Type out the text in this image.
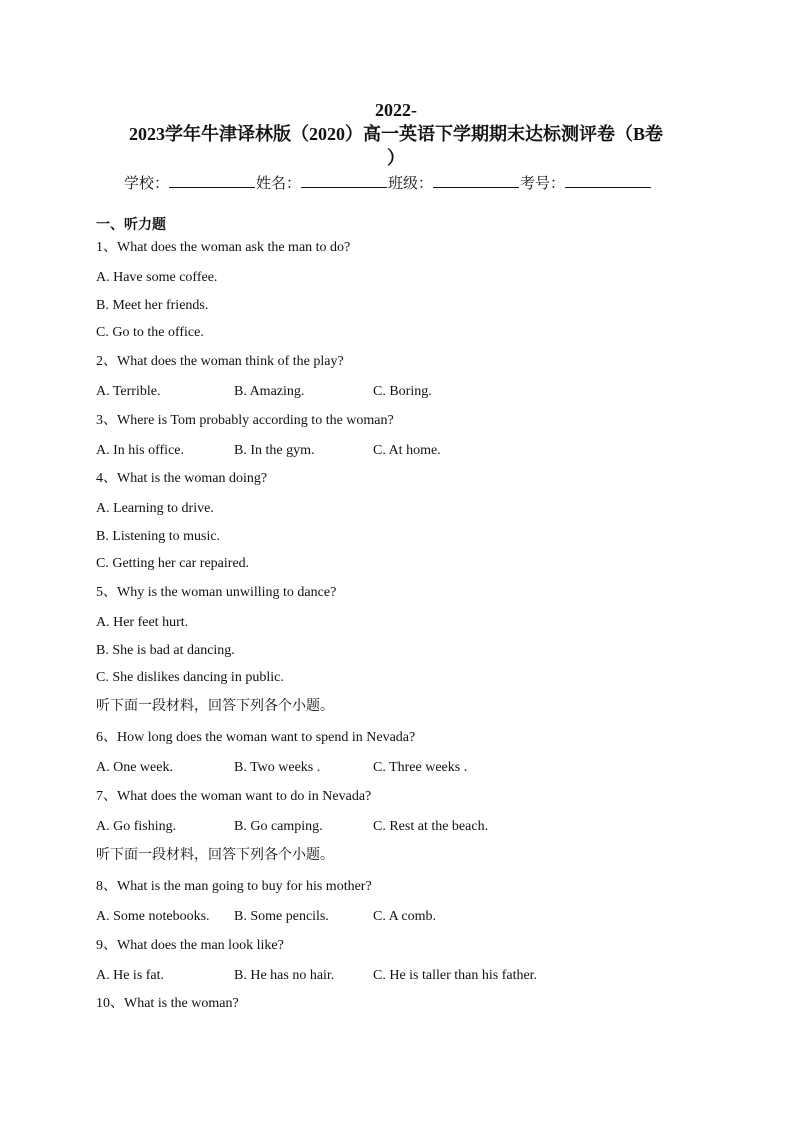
2022-
2023学年牛津译林版（2020）高一英语下学期期末达标测评卷（B卷
）
学校：	姓名：	班级：	考号：
一、听力题
1、What does the woman ask the man to do?
A. Have some coffee.
B. Meet her friends.
C. Go to the office.
2、What does the woman think of the play?
A. Terrible.	B. Amazing.	C. Boring.
3、Where is Tom probably according to the woman?
A. In his office.	B. In the gym.	C. At home.
4、What is the woman doing?
A. Learning to drive.
B. Listening to music.
C. Getting her car repaired.
5、Why is the woman unwilling to dance?
A. Her feet hurt.
B. She is bad at dancing.
C. She dislikes dancing in public.
听下面一段材料，回答下列各个小题。
6、How long does the woman want to spend in Nevada?
A. One week.	B. Two weeks .	C. Three weeks .
7、What does the woman want to do in Nevada?
A. Go fishing.	B. Go camping.	C. Rest at the beach.
听下面一段材料，回答下列各个小题。
8、What is the man going to buy for his mother?
A. Some notebooks. B. Some pencils.	C. A comb.
9、What does the man look like?
A. He is fat.	B. He has no hair.	C. He is taller than his father.
10、What is the woman?
